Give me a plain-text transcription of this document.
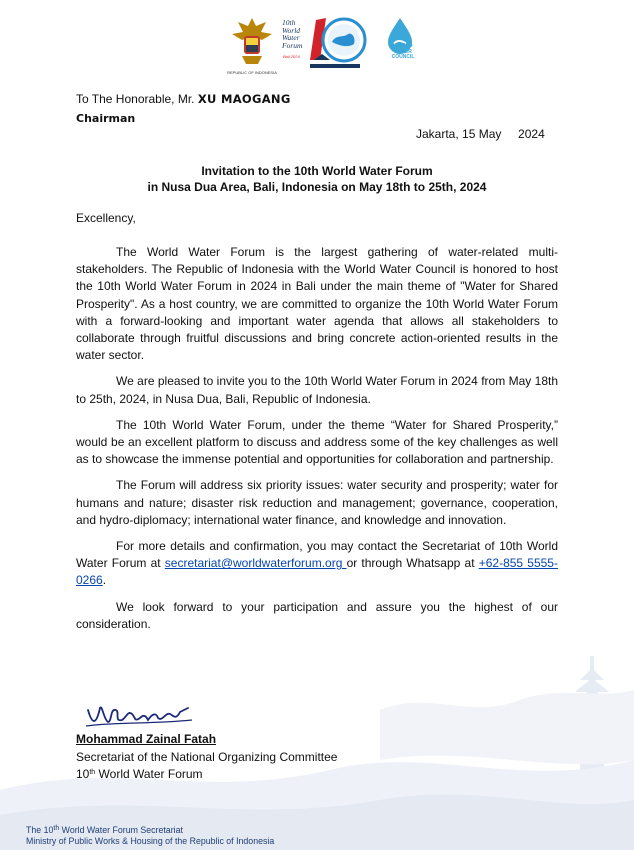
REPUBLIC OF INDONESIA
10th
World
Water
Forum
Bali 2024
WORLD
WATER
COUNCIL
To The Honorable, Mr. XU MAOGANG
Chairman
Jakarta, 15 May     2024
Invitation to the 10th World Water Forum
in Nusa Dua Area, Bali, Indonesia on May 18th to 25th, 2024
Excellency,

The World Water Forum is the largest gathering of water-related multi-stakeholders. The Republic of Indonesia with the World Water Council is honored to host the 10th World Water Forum in 2024 in Bali under the main theme of "Water for Shared Prosperity". As a host country, we are committed to organize the 10th World Water Forum with a forward-looking and important water agenda that allows all stakeholders to collaborate through fruitful discussions and bring concrete action-oriented results in the water sector.

We are pleased to invite you to the 10th World Water Forum in 2024 from May 18th to 25th, 2024, in Nusa Dua, Bali, Republic of Indonesia.

The 10th World Water Forum, under the theme “Water for Shared Prosperity,” would be an excellent platform to discuss and address some of the key challenges as well as to showcase the immense potential and opportunities for collaboration and partnership.

The Forum will address six priority issues: water security and prosperity; water for humans and nature; disaster risk reduction and management; governance, cooperation, and hydro-diplomacy; international water finance, and knowledge and innovation.

For more details and confirmation, you may contact the Secretariat of 10th World Water Forum at secretariat@worldwaterforum.org or through Whatsapp at +62-855 5555-0266.

We look forward to your participation and assure you the highest of our consideration.

Mohammad Zainal Fatah
Secretariat of the National Organizing Committee
10th World Water Forum
The 10th World Water Forum Secretariat
Ministry of Public Works & Housing of the Republic of Indonesia
